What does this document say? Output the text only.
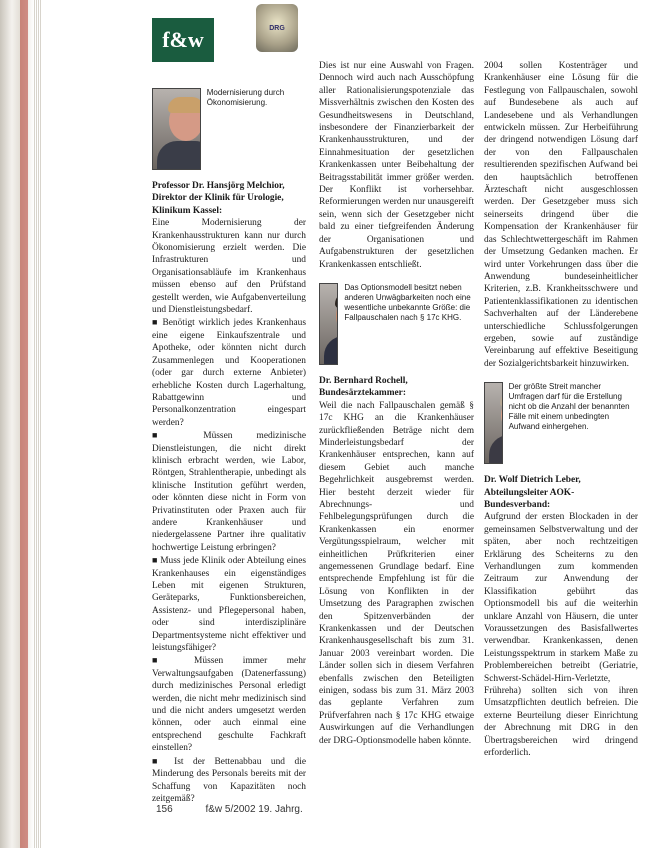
f&w	DRG
Modernisierung durch Ökonomisierung.

Professor Dr. Hansjörg Melchior, Direktor der Klinik für Urologie, Klinikum Kassel:

Eine Modernisierung der Krankenhausstrukturen kann nur durch Ökonomisierung erzielt werden. Die Infrastrukturen und Organisationsabläufe im Krankenhaus müssen ebenso auf den Prüfstand gestellt werden, wie Aufgabenverteilung und Dienstleistungsbedarf.

■ Benötigt wirklich jedes Krankenhaus eine eigene Einkaufszentrale und Apotheke, oder könnten nicht durch Zusammenlegen und Kooperationen (oder gar durch externe Anbieter) erhebliche Kosten durch Lagerhaltung, Rabattgewinn und Personalkonzentration eingespart werden?

■ Müssen medizinische Dienstleistungen, die nicht direkt klinisch erbracht werden, wie Labor, Röntgen, Strahlentherapie, unbedingt als klinische Institution geführt werden, oder könnten diese nicht in Form von Privatinstituten oder Praxen auch für andere Krankenhäuser und niedergelassene Partner ihre qualitativ hochwertige Leistung erbringen?

■ Muss jede Klinik oder Abteilung eines Krankenhauses ein eigenständiges Leben mit eigenen Strukturen, Geräteparks, Funktionsbereichen, Assistenz- und Pflegepersonal haben, oder sind interdisziplinäre Departmentsysteme nicht effektiver und leistungsfähiger?

■ Müssen immer mehr Verwaltungsaufgaben (Datenerfassung) durch medizinisches Personal erledigt werden, die nicht mehr medizinisch sind und die nicht anders umgesetzt werden können, oder auch einmal eine entsprechend geschulte Fachkraft einstellen?

■ Ist der Bettenabbau und die Minderung des Personals bereits mit der Schaffung von Kapazitäten noch zeitgemäß?

Dies ist nur eine Auswahl von Fragen. Dennoch wird auch nach Ausschöpfung aller Rationalisierungspotenziale das Missverhältnis zwischen den Kosten des Gesundheitswesens in Deutschland, insbesondere der Finanzierbarkeit der Krankenhausstrukturen, und der Einnahmesituation der gesetzlichen Krankenkassen unter Beibehaltung der Beitragsstabilität immer größer werden. Der Konflikt ist vorhersehbar. Reformierungen werden nur unausgereift sein, wenn sich der Gesetzgeber nicht bald zu einer tiefgreifenden Änderung der Organisationen und Aufgabenstrukturen der gesetzlichen Krankenkassen entschließt.

Das Optionsmodell besitzt neben anderen Unwägbarkeiten noch eine wesentliche unbekannte Größe: die Fallpauschalen nach § 17c KHG.

Dr. Bernhard Rochell, Bundesärztekammer:

Weil die nach Fallpauschalen gemäß § 17c KHG an die Krankenhäuser zurückfließenden Beträge nicht dem Minderleistungsbedarf der Krankenhäuser entsprechen, kann auf diesem Gebiet auch manche Begehrlichkeit ausgebremst werden. Hier besteht derzeit wieder für Abrechnungs- und Fehlbelegungsprüfungen durch die Krankenkassen ein enormer Vergütungsspielraum, welcher mit einheitlichen Prüfkriterien einer angemessenen Grundlage bedarf. Eine entsprechende Empfehlung ist für die Lösung von Konflikten in der Umsetzung des Paragraphen zwischen den Spitzenverbänden der Krankenkassen und der Deutschen Krankenhausgesellschaft bis zum 31. Januar 2003 vereinbart worden. Die Länder sollen sich in diesem Verfahren ebenfalls zwischen den Beteiligten einigen, sodass bis zum 31. März 2003 das geplante Verfahren zum Prüfverfahren nach § 17c KHG etwaige Auswirkungen auf die Verhandlungen der DRG-Optionsmodelle haben könnte.

2004 sollen Kostenträger und Krankenhäuser eine Lösung für die Festlegung von Fallpauschalen, sowohl auf Bundesebene als auch auf Landesebene und als Verhandlungen entwickeln müssen. Zur Herbeiführung der dringend notwendigen Lösung darf der von den Fallpauschalen resultierenden spezifischen Aufwand bei den hauptsächlich betroffenen Ärzteschaft nicht ausgeschlossen werden. Der Gesetzgeber muss sich seinerseits dringend über die Kompensation der Krankenhäuser für das Schlechtwettergeschäft im Rahmen der Umsetzung Gedanken machen. Er wird unter Vorkehrungen dass über die Anwendung bundeseinheitlicher Kriterien, z.B. Krankheitsschwere und Patientenklassifikationen zu identischen Sachverhalten auf der Länderebene unterschiedliche Schlussfolgerungen ergeben, sowie auf zuständige Vereinbarung auf effektive Beseitigung der Sozialgerichtsbarkeit hinzuwirken.

Der größte Streit mancher Umfragen darf für die Erstellung nicht ob die Anzahl der benannten Fälle mit einem unbedingten Aufwand einhergehen.

Dr. Wolf Dietrich Leber, Abteilungsleiter AOK-Bundesverband:

Aufgrund der ersten Blockaden in der gemeinsamen Selbstverwaltung und der späten, aber noch rechtzeitigen Erklärung des Scheiterns zu den Verhandlungen zum kommenden Zeitraum zur Anwendung der Klassifikation gebührt das Optionsmodell bis auf die weiterhin unklare Anzahl von Häusern, die unter Voraussetzungen des Basisfallwertes verwendbar. Krankenkassen, denen Leistungsspektrum in starkem Maße zu Problembereichen betreibt (Geriatrie, Schwerst-Schädel-Hirn-Verletzte, Frühreha) sollten sich von ihren Umsatzpflichten deutlich befreien. Die externe Beurteilung dieser Einrichtung der Abrechnung mit DRG in den Übertragsbereichen wird dringend erforderlich.

156	f&w 5/2002 19. Jahrg.
